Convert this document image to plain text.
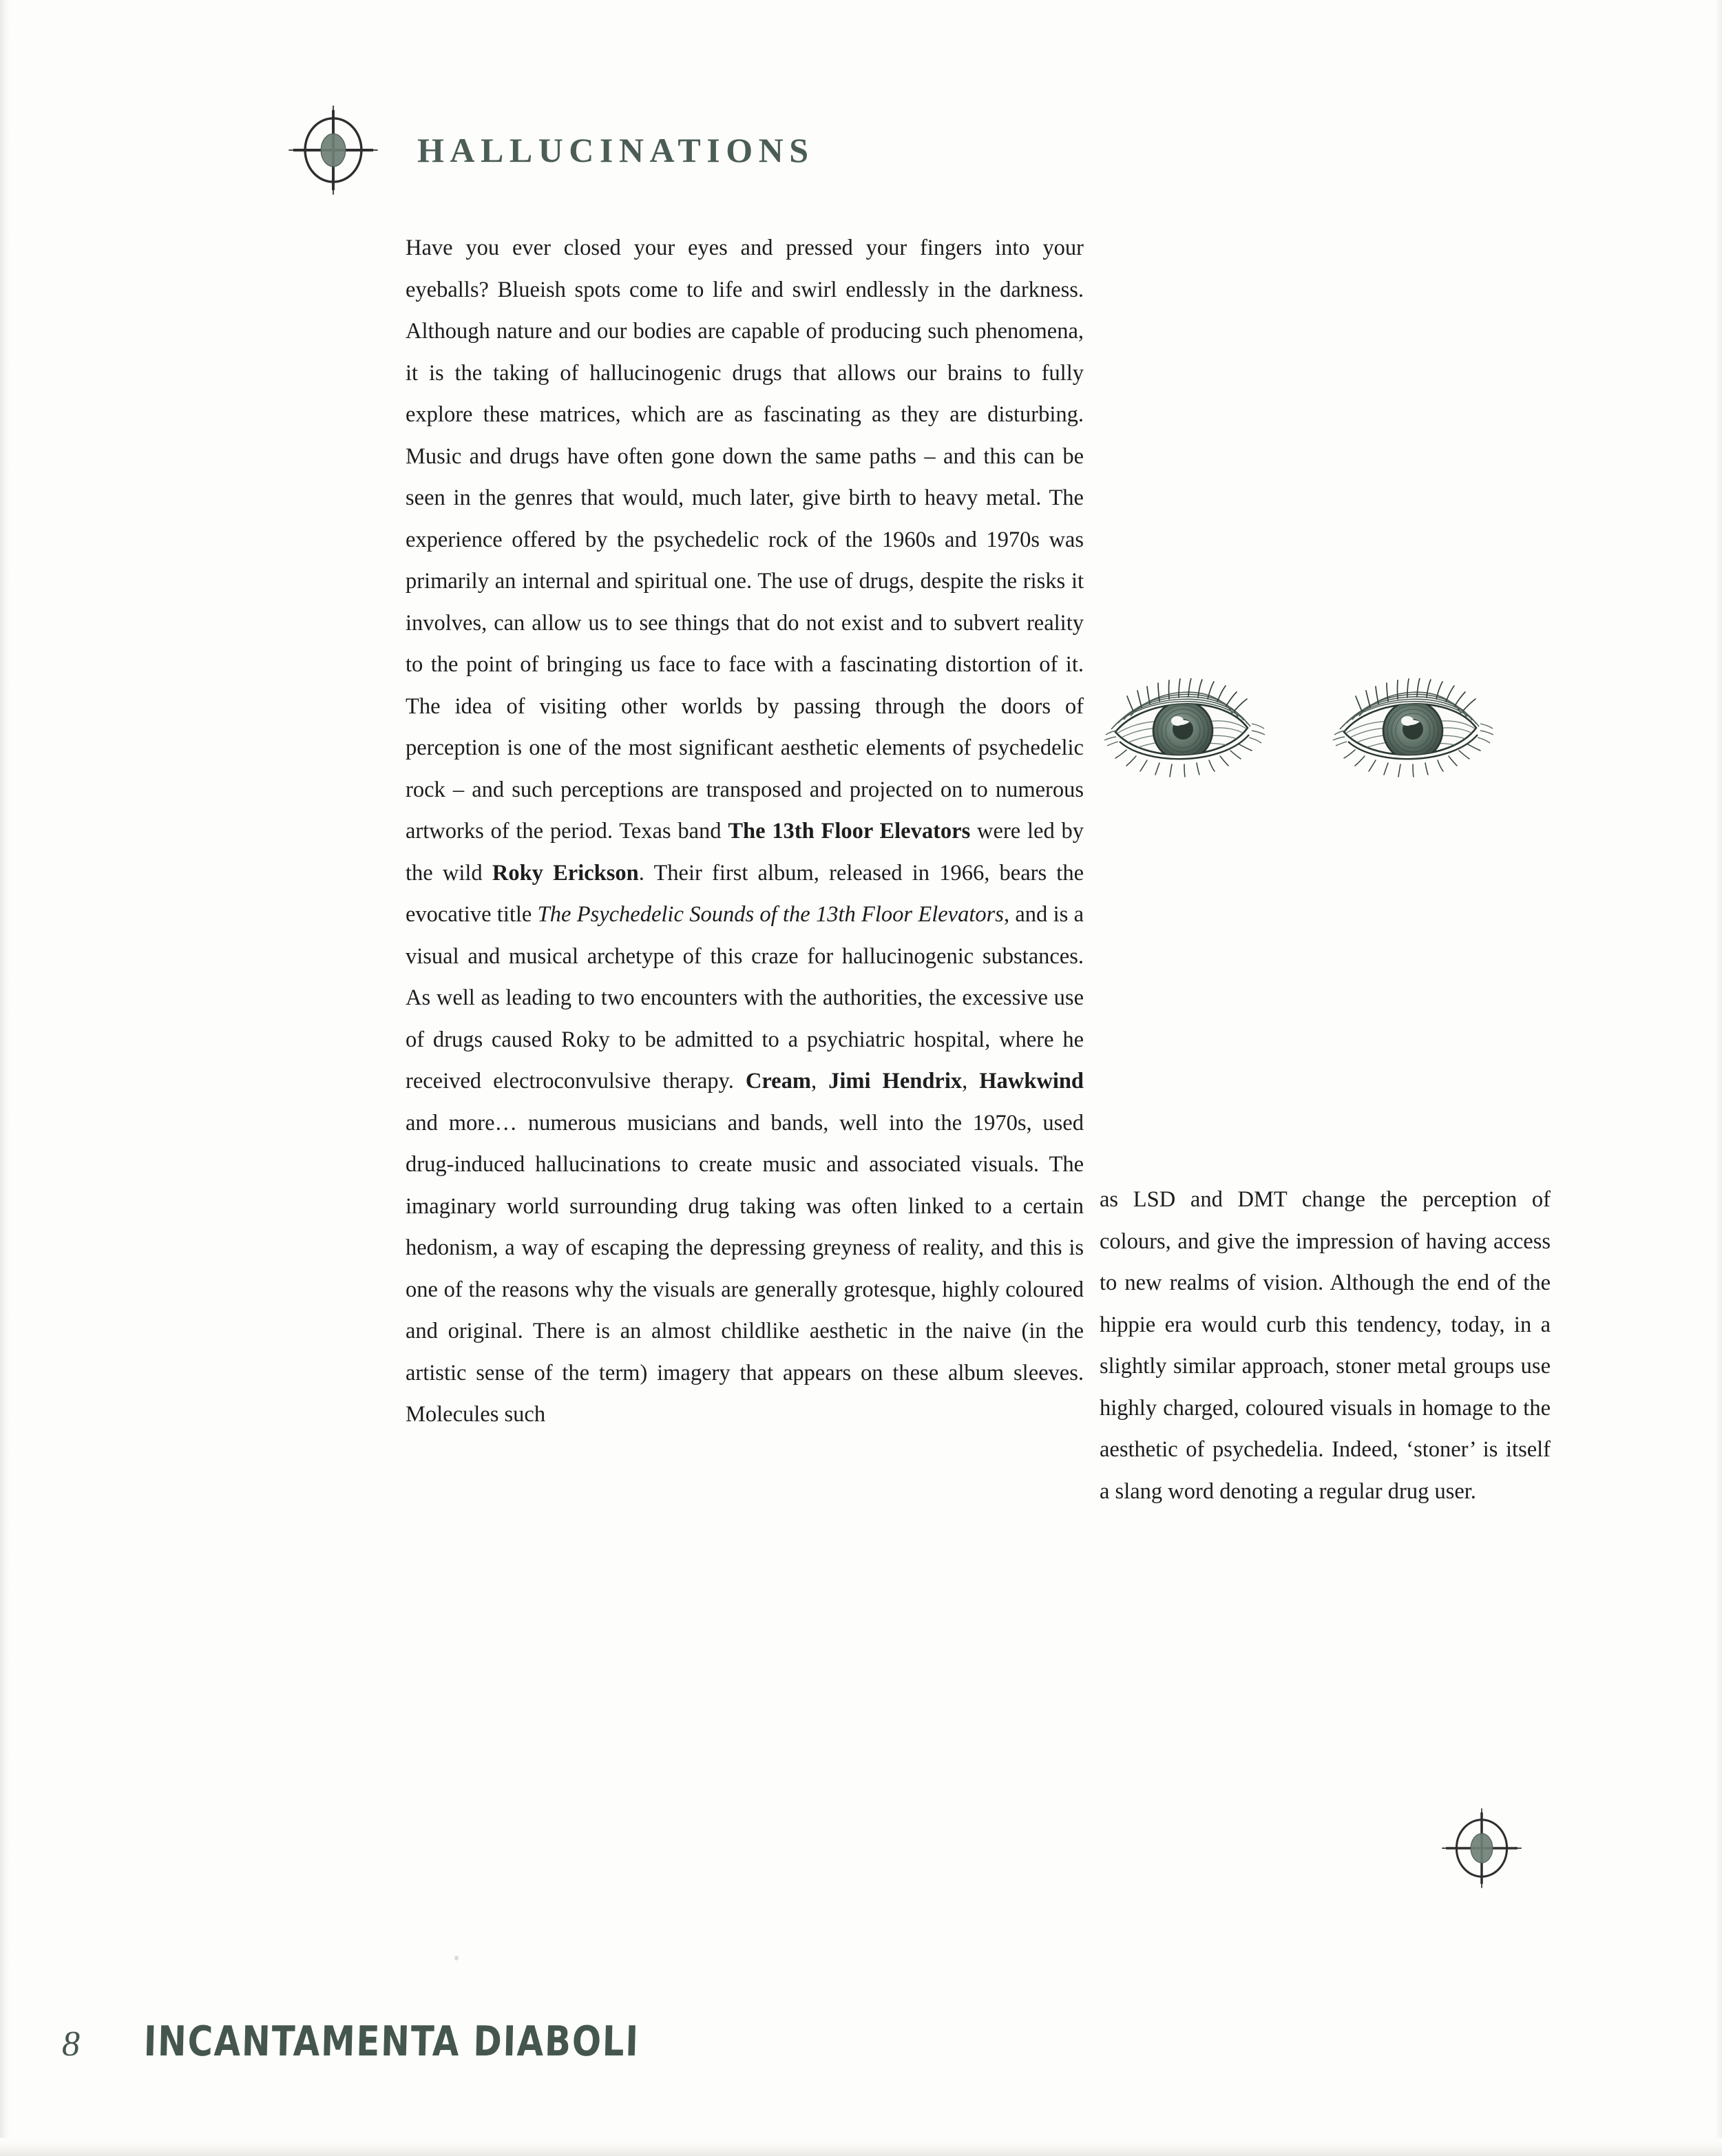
HALLUCINATIONS

Have you ever closed your eyes and pressed your fingers into your eyeballs? Blueish spots come to life and swirl endlessly in the darkness. Although nature and our bodies are capable of producing such phenomena, it is the taking of hallucinogenic drugs that allows our brains to fully explore these matrices, which are as fascinating as they are disturbing. Music and drugs have often gone down the same paths – and this can be seen in the genres that would, much later, give birth to heavy metal. The experience offered by the psychedelic rock of the 1960s and 1970s was primarily an internal and spiritual one. The use of drugs, despite the risks it involves, can allow us to see things that do not exist and to subvert reality to the point of bringing us face to face with a fascinating distortion of it. The idea of visiting other worlds by passing through the doors of perception is one of the most significant aesthetic elements of psychedelic rock – and such perceptions are transposed and projected on to numerous artworks of the period. Texas band The 13th Floor Elevators were led by the wild Roky Erickson. Their first album, released in 1966, bears the evocative title The Psychedelic Sounds of the 13th Floor Elevators, and is a visual and musical archetype of this craze for hallucinogenic substances. As well as leading to two encounters with the authorities, the excessive use of drugs caused Roky to be admitted to a psychiatric hospital, where he received electroconvulsive therapy. Cream, Jimi Hendrix, Hawkwind and more… numerous musicians and bands, well into the 1970s, used drug-induced hallucinations to create music and associated visuals. The imaginary world surrounding drug taking was often linked to a certain hedonism, a way of escaping the depressing greyness of reality, and this is one of the reasons why the visuals are generally grotesque, highly coloured and original. There is an almost childlike aesthetic in the naive (in the artistic sense of the term) imagery that appears on these album sleeves. Molecules such

as LSD and DMT change the perception of colours, and give the impression of having access to new realms of vision. Although the end of the hippie era would curb this tendency, today, in a slightly similar approach, stoner metal groups use highly charged, coloured visuals in homage to the aesthetic of psychedelia. Indeed, ‘stoner’ is itself a slang word denoting a regular drug user.

8 INCANTAMENTA DIABOLI
